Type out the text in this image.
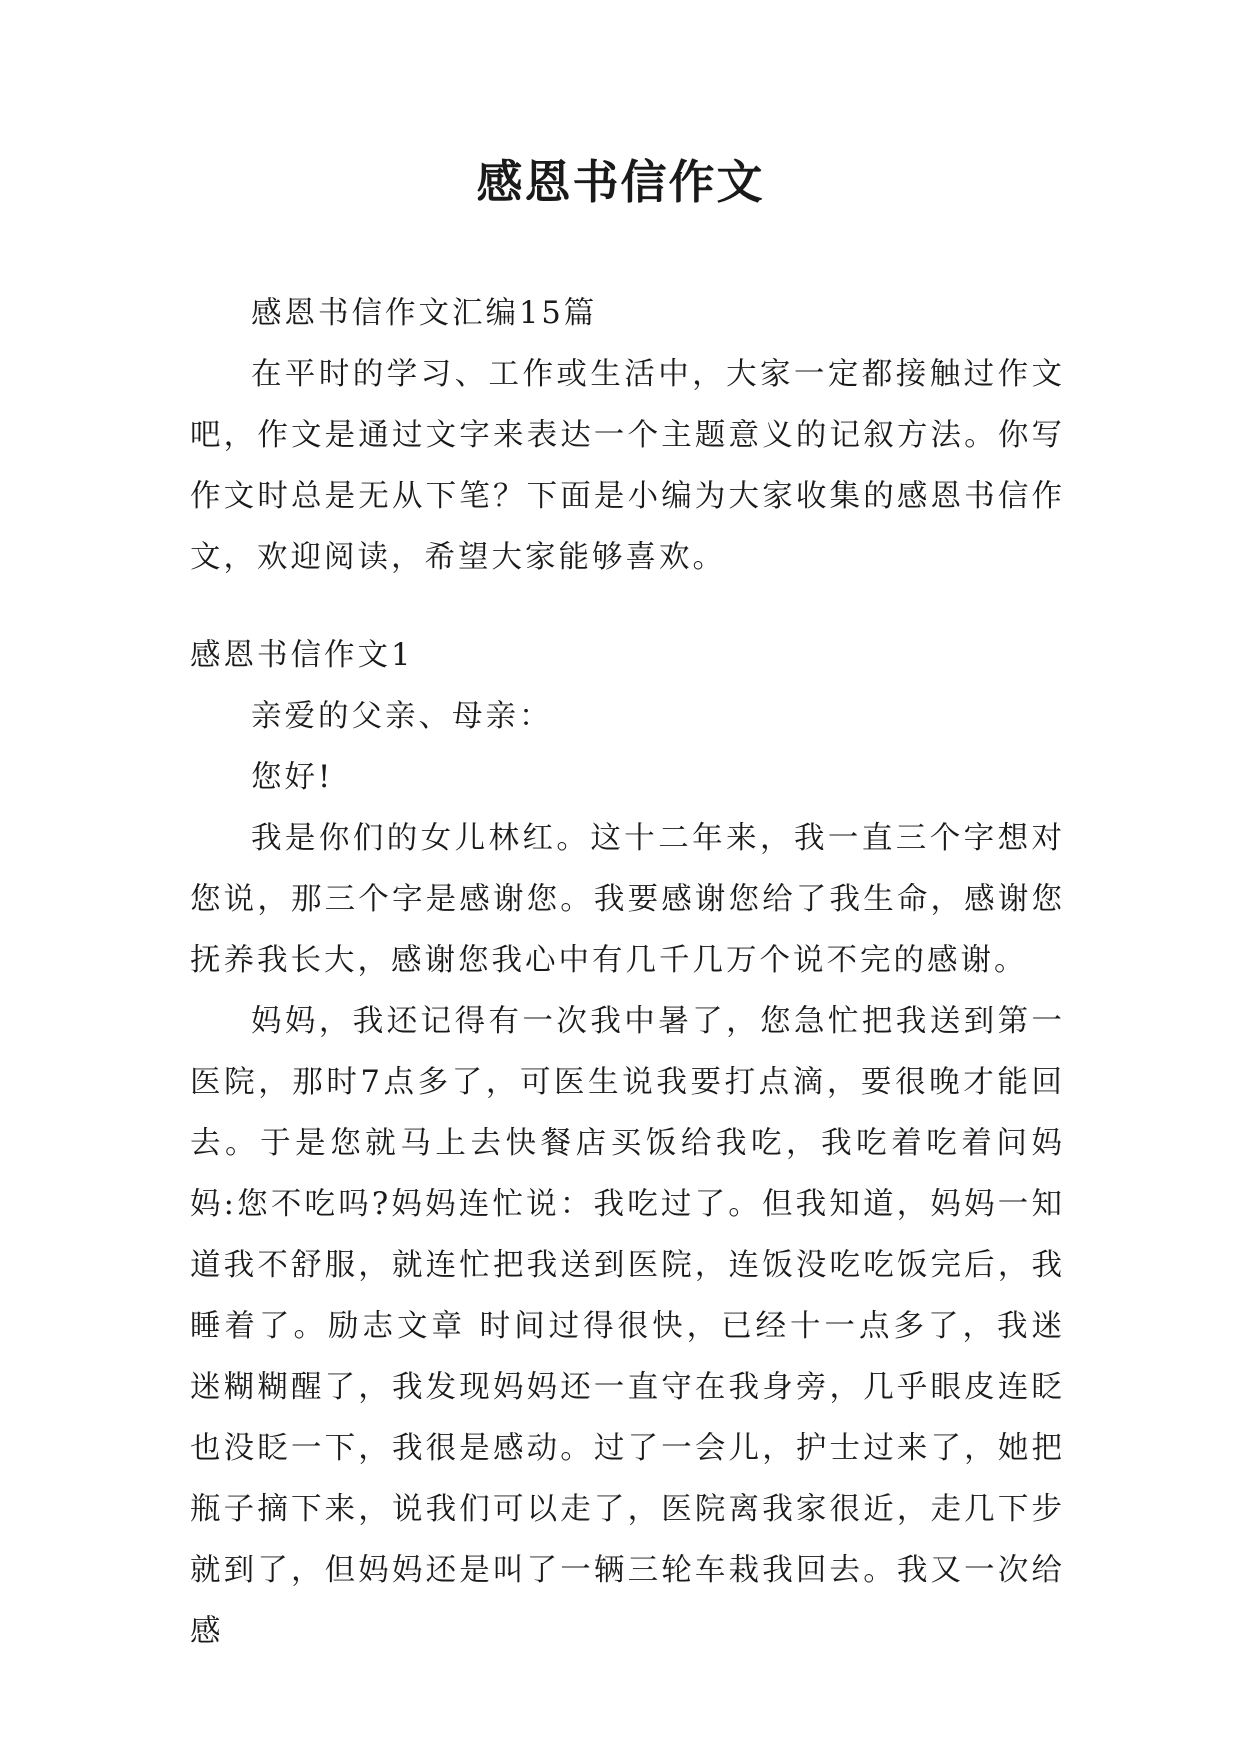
感恩书信作文

感恩书信作文汇编15篇

在平时的学习、工作或生活中，大家一定都接触过作文吧，作文是通过文字来表达一个主题意义的记叙方法。你写作文时总是无从下笔？下面是小编为大家收集的感恩书信作文，欢迎阅读，希望大家能够喜欢。

感恩书信作文1

亲爱的父亲、母亲：

您好!

我是你们的女儿林红。这十二年来，我一直三个字想对您说，那三个字是感谢您。我要感谢您给了我生命，感谢您抚养我长大，感谢您我心中有几千几万个说不完的感谢。

妈妈，我还记得有一次我中暑了，您急忙把我送到第一医院，那时7点多了，可医生说我要打点滴，要很晚才能回去。于是您就马上去快餐店买饭给我吃，我吃着吃着问妈妈:您不吃吗?妈妈连忙说：我吃过了。但我知道，妈妈一知道我不舒服，就连忙把我送到医院，连饭没吃吃饭完后，我睡着了。励志文章 时间过得很快，已经十一点多了，我迷迷糊糊醒了，我发现妈妈还一直守在我身旁，几乎眼皮连眨也没眨一下，我很是感动。过了一会儿，护士过来了，她把瓶子摘下来，说我们可以走了，医院离我家很近，走几下步就到了，但妈妈还是叫了一辆三轮车栽我回去。我又一次给感
